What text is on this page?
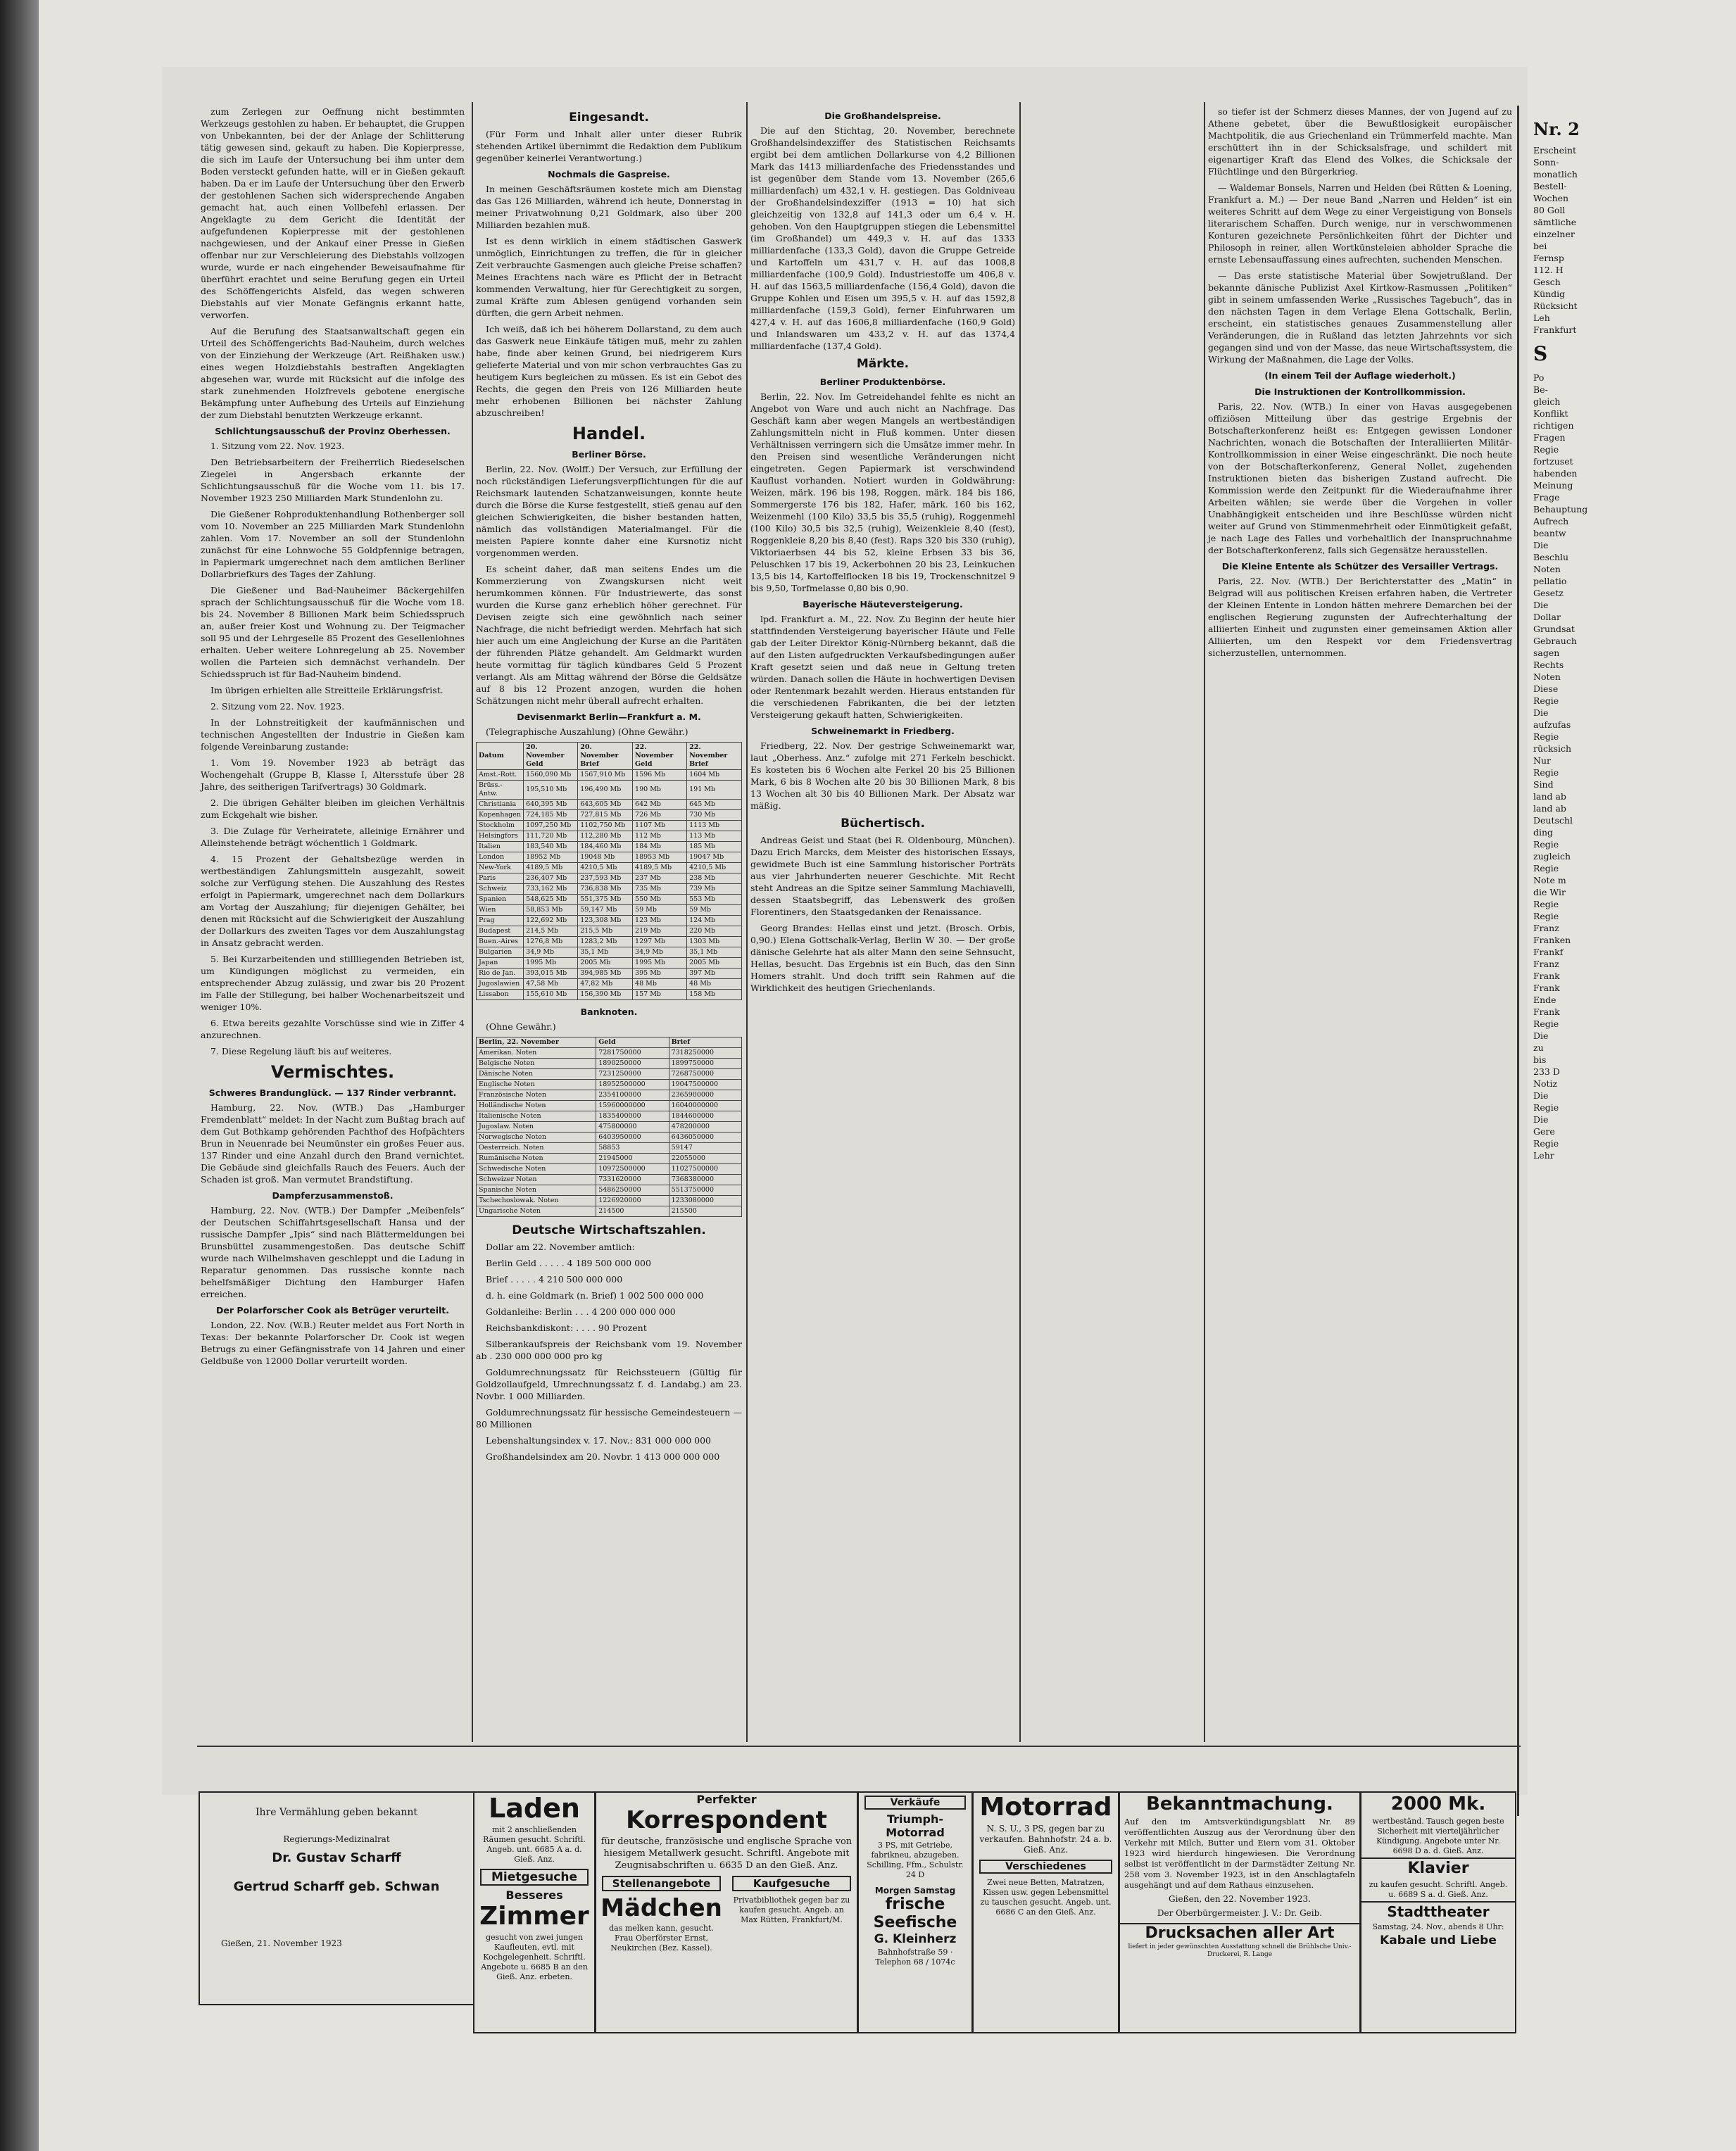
zum Zerlegen zur Oeffnung nicht bestimmten Werkzeugs gestohlen zu haben. Er behauptet, die Gruppen von Unbekannten, bei der der Anlage der Schlitterung tätig gewesen sind, gekauft zu haben. Die Kopierpresse, die sich im Laufe der Untersuchung bei ihm unter dem Boden versteckt gefunden hatte, will er in Gießen gekauft haben. Da er im Laufe der Untersuchung über den Erwerb der gestohlenen Sachen sich widersprechende Angaben gemacht hat, auch einen Vollbefehl erlassen. Der Angeklagte zu dem Gericht die Identität der aufgefundenen Kopierpresse mit der gestohlenen nachgewiesen, und der Ankauf einer Presse in Gießen offenbar nur zur Verschleierung des Diebstahls vollzogen wurde, wurde er nach eingehender Beweisaufnahme für überführt erachtet und seine Berufung gegen ein Urteil des Schöffengerichts Alsfeld, das wegen schweren Diebstahls auf vier Monate Gefängnis erkannt hatte, verworfen.
Auf die Berufung des Staatsanwaltschaft gegen ein Urteil des Schöffengerichts Bad-Nauheim, durch welches von der Einziehung der Werkzeuge (Art. Reißhaken usw.) eines wegen Holzdiebstahls bestraften Angeklagten abgesehen war, wurde mit Rücksicht auf die infolge des stark zunehmenden Holzfrevels gebotene energische Bekämpfung unter Aufhebung des Urteils auf Einziehung der zum Diebstahl benutzten Werkzeuge erkannt.
Schlichtungsausschuß der Provinz Oberhessen.
1. Sitzung vom 22. Nov. 1923.
Den Betriebsarbeitern der Freiherrlich Riedeselschen Ziegelei in Angersbach erkannte der Schlichtungsausschuß für die Woche vom 11. bis 17. November 1923 250 Milliarden Mark Stundenlohn zu.
Die Gießener Rohproduktenhandlung Rothenberger soll vom 10. November an 225 Milliarden Mark Stundenlohn zahlen. Vom 17. November an soll der Stundenlohn zunächst für eine Lohnwoche 55 Goldpfennige betragen, in Papiermark umgerechnet nach dem amtlichen Berliner Dollarbriefkurs des Tages der Zahlung.
Die Gießener und Bad-Nauheimer Bäckergehilfen sprach der Schlichtungsausschuß für die Woche vom 18. bis 24. November 8 Billionen Mark beim Schiedsspruch an, außer freier Kost und Wohnung zu. Der Teigmacher soll 95 und der Lehrgeselle 85 Prozent des Gesellenlohnes erhalten. Ueber weitere Lohnregelung ab 25. November wollen die Parteien sich demnächst verhandeln. Der Schiedsspruch ist für Bad-Nauheim bindend.
Im übrigen erhielten alle Streitteile Erklärungsfrist.
2. Sitzung vom 22. Nov. 1923.
In der Lohnstreitigkeit der kaufmännischen und technischen Angestellten der Industrie in Gießen kam folgende Vereinbarung zustande:
1. Vom 19. November 1923 ab beträgt das Wochengehalt (Gruppe B, Klasse I, Altersstufe über 28 Jahre, des seitherigen Tarifvertrags) 30 Goldmark.
2. Die übrigen Gehälter bleiben im gleichen Verhältnis zum Eckgehalt wie bisher.
3. Die Zulage für Verheiratete, alleinige Ernährer und Alleinstehende beträgt wöchentlich 1 Goldmark.
4. 15 Prozent der Gehaltsbezüge werden in wertbeständigen Zahlungsmitteln ausgezahlt, soweit solche zur Verfügung stehen. Die Auszahlung des Restes erfolgt in Papiermark, umgerechnet nach dem Dollarkurs am Vortag der Auszahlung; für diejenigen Gehälter, bei denen mit Rücksicht auf die Schwierigkeit der Auszahlung der Dollarkurs des zweiten Tages vor dem Auszahlungstag in Ansatz gebracht werden.
5. Bei Kurzarbeitenden und stillliegenden Betrieben ist, um Kündigungen möglichst zu vermeiden, ein entsprechender Abzug zulässig, und zwar bis 20 Prozent im Falle der Stillegung, bei halber Wochenarbeitszeit und weniger 10%.
6. Etwa bereits gezahlte Vorschüsse sind wie in Ziffer 4 anzurechnen.
7. Diese Regelung läuft bis auf weiteres.
Vermischtes.
Schweres Brandunglück. — 137 Rinder verbrannt.
Hamburg, 22. Nov. (WTB.) Das „Hamburger Fremdenblatt“ meldet: In der Nacht zum Bußtag brach auf dem Gut Bothkamp gehörenden Pachthof des Hofpächters Brun in Neuenrade bei Neumünster ein großes Feuer aus. 137 Rinder und eine Anzahl durch den Brand vernichtet. Die Gebäude sind gleichfalls Rauch des Feuers. Auch der Schaden ist groß. Man vermutet Brandstiftung.
Dampferzusammenstoß.
Hamburg, 22. Nov. (WTB.) Der Dampfer „Meibenfels“ der Deutschen Schiffahrtsgesellschaft Hansa und der russische Dampfer „Ipis“ sind nach Blättermeldungen bei Brunsbüttel zusammengestoßen. Das deutsche Schiff wurde nach Wilhelmshaven geschleppt und die Ladung in Reparatur genommen. Das russische konnte nach behelfsmäßiger Dichtung den Hamburger Hafen erreichen.
Der Polarforscher Cook als Betrüger verurteilt.
London, 22. Nov. (W.B.) Reuter meldet aus Fort North in Texas: Der bekannte Polarforscher Dr. Cook ist wegen Betrugs zu einer Gefängnisstrafe von 14 Jahren und einer Geldbuße von 12000 Dollar verurteilt worden.
Eingesandt.
(Für Form und Inhalt aller unter dieser Rubrik stehenden Artikel übernimmt die Redaktion dem Publikum gegenüber keinerlei Verantwortung.)
Nochmals die Gaspreise.
In meinen Geschäftsräumen kostete mich am Dienstag das Gas 126 Milliarden, während ich heute, Donnerstag in meiner Privatwohnung 0,21 Goldmark, also über 200 Milliarden bezahlen muß.
Ist es denn wirklich in einem städtischen Gaswerk unmöglich, Einrichtungen zu treffen, die für in gleicher Zeit verbrauchte Gasmengen auch gleiche Preise schaffen? Meines Erachtens nach wäre es Pflicht der in Betracht kommenden Verwaltung, hier für Gerechtigkeit zu sorgen, zumal Kräfte zum Ablesen genügend vorhanden sein dürften, die gern Arbeit nehmen.
Ich weiß, daß ich bei höherem Dollarstand, zu dem auch das Gaswerk neue Einkäufe tätigen muß, mehr zu zahlen habe, finde aber keinen Grund, bei niedrigerem Kurs gelieferte Material und von mir schon verbrauchtes Gas zu heutigem Kurs begleichen zu müssen. Es ist ein Gebot des Rechts, die gegen den Preis von 126 Milliarden heute mehr erhobenen Billionen bei nächster Zahlung abzuschreiben!
Handel.
Berliner Börse.
Berlin, 22. Nov. (Wolff.) Der Versuch, zur Erfüllung der noch rückständigen Lieferungsverpflichtungen für die auf Reichsmark lautenden Schatzanweisungen, konnte heute durch die Börse die Kurse festgestellt, stieß genau auf den gleichen Schwierigkeiten, die bisher bestanden hatten, nämlich das vollständigen Materialmangel. Für die meisten Papiere konnte daher eine Kursnotiz nicht vorgenommen werden.
Es scheint daher, daß man seitens Endes um die Kommerzierung von Zwangskursen nicht weit herumkommen können. Für Industriewerte, das sonst wurden die Kurse ganz erheblich höher gerechnet. Für Devisen zeigte sich eine gewöhnlich nach seiner Nachfrage, die nicht befriedigt werden. Mehrfach hat sich hier auch um eine Angleichung der Kurse an die Paritäten der führenden Plätze gehandelt. Am Geldmarkt wurden heute vormittag für täglich kündbares Geld 5 Prozent verlangt. Als am Mittag während der Börse die Geldsätze auf 8 bis 12 Prozent anzogen, wurden die hohen Schätzungen nicht mehr überall aufrecht erhalten.
Devisenmarkt Berlin—Frankfurt a. M.
(Telegraphische Auszahlung) (Ohne Gewähr.)
Datum	20. November Geld	20. November Brief	22. November Geld	22. November Brief
Amst.-Rott.	1560,090 Mb	1567,910 Mb	1596 Mb	1604 Mb
Brüss.-Antw.	195,510 Mb	196,490 Mb	190 Mb	191 Mb
Christiania	640,395 Mb	643,605 Mb	642 Mb	645 Mb
Kopenhagen	724,185 Mb	727,815 Mb	726 Mb	730 Mb
Stockholm	1097,250 Mb	1102,750 Mb	1107 Mb	1113 Mb
Helsingfors	111,720 Mb	112,280 Mb	112 Mb	113 Mb
Italien	183,540 Mb	184,460 Mb	184 Mb	185 Mb
London	18952 Mb	19048 Mb	18953 Mb	19047 Mb
New-York	4189,5 Mb	4210,5 Mb	4189,5 Mb	4210,5 Mb
Paris	236,407 Mb	237,593 Mb	237 Mb	238 Mb
Schweiz	733,162 Mb	736,838 Mb	735 Mb	739 Mb
Spanien	548,625 Mb	551,375 Mb	550 Mb	553 Mb
Wien	58,853 Mb	59,147 Mb	59 Mb	59 Mb
Prag	122,692 Mb	123,308 Mb	123 Mb	124 Mb
Budapest	214,5 Mb	215,5 Mb	219 Mb	220 Mb
Buen.-Aires	1276,8 Mb	1283,2 Mb	1297 Mb	1303 Mb
Bulgarien	34,9 Mb	35,1 Mb	34,9 Mb	35,1 Mb
Japan	1995 Mb	2005 Mb	1995 Mb	2005 Mb
Rio de Jan.	393,015 Mb	394,985 Mb	395 Mb	397 Mb
Jugoslawien	47,58 Mb	47,82 Mb	48 Mb	48 Mb
Lissabon	155,610 Mb	156,390 Mb	157 Mb	158 Mb
Banknoten.
(Ohne Gewähr.)
Berlin, 22. November	Geld	Brief
Amerikan. Noten	7281750000	7318250000
Belgische Noten	1890250000	1899750000
Dänische Noten	7231250000	7268750000
Englische Noten	18952500000	19047500000
Französische Noten	2354100000	2365900000
Holländische Noten	15960000000	16040000000
Italienische Noten	1835400000	1844600000
Jugoslaw. Noten	475800000	478200000
Norwegische Noten	6403950000	6436050000
Oesterreich. Noten	58853	59147
Rumänische Noten	21945000	22055000
Schwedische Noten	10972500000	11027500000
Schweizer Noten	7331620000	7368380000
Spanische Noten	5486250000	5513750000
Tschechoslowak. Noten	1226920000	1233080000
Ungarische Noten	214500	215500
Deutsche Wirtschaftszahlen.
Dollar am 22. November amtlich:
Berlin Geld . . . . . 4 189 500 000 000
Brief . . . . . 4 210 500 000 000
d. h. eine Goldmark (n. Brief) 1 002 500 000 000
Goldanleihe: Berlin . . . 4 200 000 000 000
Reichsbankdiskont: . . . . 90 Prozent
Silberankaufspreis der Reichsbank vom 19. November ab . 230 000 000 000 pro kg
Goldumrechnungssatz für Reichssteuern (Gültig für Goldzollaufgeld, Umrechnungssatz f. d. Landabg.) am 23. Novbr. 1 000 Milliarden.
Goldumrechnungssatz für hessische Gemeindesteuern — 80 Millionen
Lebenshaltungsindex v. 17. Nov.: 831 000 000 000
Großhandelsindex am 20. Novbr. 1 413 000 000 000
Die Großhandelspreise.
Die auf den Stichtag, 20. November, berechnete Großhandelsindexziffer des Statistischen Reichsamts ergibt bei dem amtlichen Dollarkurse von 4,2 Billionen Mark das 1413 milliardenfache des Friedensstandes und ist gegenüber dem Stande vom 13. November (265,6 milliardenfach) um 432,1 v. H. gestiegen. Das Goldniveau der Großhandelsindexziffer (1913 = 10) hat sich gleichzeitig von 132,8 auf 141,3 oder um 6,4 v. H. gehoben. Von den Hauptgruppen stiegen die Lebensmittel (im Großhandel) um 449,3 v. H. auf das 1333 milliardenfache (133,3 Gold), davon die Gruppe Getreide und Kartoffeln um 431,7 v. H. auf das 1008,8 milliardenfache (100,9 Gold). Industriestoffe um 406,8 v. H. auf das 1563,5 milliardenfache (156,4 Gold), davon die Gruppe Kohlen und Eisen um 395,5 v. H. auf das 1592,8 milliardenfache (159,3 Gold), ferner Einfuhrwaren um 427,4 v. H. auf das 1606,8 milliardenfache (160,9 Gold) und Inlandswaren um 433,2 v. H. auf das 1374,4 milliardenfache (137,4 Gold).
Märkte.
Berliner Produktenbörse.
Berlin, 22. Nov. Im Getreidehandel fehlte es nicht an Angebot von Ware und auch nicht an Nachfrage. Das Geschäft kann aber wegen Mangels an wertbeständigen Zahlungsmitteln nicht in Fluß kommen. Unter diesen Verhältnissen verringern sich die Umsätze immer mehr. In den Preisen sind wesentliche Veränderungen nicht eingetreten. Gegen Papiermark ist verschwindend Kauflust vorhanden. Notiert wurden in Goldwährung: Weizen, märk. 196 bis 198, Roggen, märk. 184 bis 186, Sommergerste 176 bis 182, Hafer, märk. 160 bis 162, Weizenmehl (100 Kilo) 33,5 bis 35,5 (ruhig), Roggenmehl (100 Kilo) 30,5 bis 32,5 (ruhig), Weizenkleie 8,40 (fest), Roggenkleie 8,20 bis 8,40 (fest). Raps 320 bis 330 (ruhig), Viktoriaerbsen 44 bis 52, kleine Erbsen 33 bis 36, Peluschken 17 bis 19, Ackerbohnen 20 bis 23, Leinkuchen 13,5 bis 14, Kartoffelflocken 18 bis 19, Trockenschnitzel 9 bis 9,50, Torfmelasse 0,80 bis 0,90.
Bayerische Häuteversteigerung.
lpd. Frankfurt a. M., 22. Nov. Zu Beginn der heute hier stattfindenden Versteigerung bayerischer Häute und Felle gab der Leiter Direktor König-Nürnberg bekannt, daß die auf den Listen aufgedruckten Verkaufsbedingungen außer Kraft gesetzt seien und daß neue in Geltung treten würden. Danach sollen die Häute in hochwertigen Devisen oder Rentenmark bezahlt werden. Hieraus entstanden für die verschiedenen Fabrikanten, die bei der letzten Versteigerung gekauft hatten, Schwierigkeiten.
Schweinemarkt in Friedberg.
Friedberg, 22. Nov. Der gestrige Schweinemarkt war, laut „Oberhess. Anz.“ zufolge mit 271 Ferkeln beschickt. Es kosteten bis 6 Wochen alte Ferkel 20 bis 25 Billionen Mark, 6 bis 8 Wochen alte 20 bis 30 Billionen Mark, 8 bis 13 Wochen alt 30 bis 40 Billionen Mark. Der Absatz war mäßig.
Büchertisch.
Andreas Geist und Staat (bei R. Oldenbourg, München). Dazu Erich Marcks, dem Meister des historischen Essays, gewidmete Buch ist eine Sammlung historischer Porträts aus vier Jahrhunderten neuerer Geschichte. Mit Recht steht Andreas an die Spitze seiner Sammlung Machiavelli, dessen Staatsbegriff, das Lebenswerk des großen Florentiners, den Staatsgedanken der Renaissance.
Georg Brandes: Hellas einst und jetzt. (Brosch. Orbis, 0,90.) Elena Gottschalk-Verlag, Berlin W 30. — Der große dänische Gelehrte hat als alter Mann den seine Sehnsucht, Hellas, besucht. Das Ergebnis ist ein Buch, das den Sinn Homers strahlt. Und doch trifft sein Rahmen auf die Wirklichkeit des heutigen Griechenlands.
so tiefer ist der Schmerz dieses Mannes, der von Jugend auf zu Athene gebetet, über die Bewußtlosigkeit europäischer Machtpolitik, die aus Griechenland ein Trümmerfeld machte. Man erschüttert ihn in der Schicksalsfrage, und schildert mit eigenartiger Kraft das Elend des Volkes, die Schicksale der Flüchtlinge und den Bürgerkrieg.
— Waldemar Bonsels, Narren und Helden (bei Rütten & Loening, Frankfurt a. M.) — Der neue Band „Narren und Helden“ ist ein weiteres Schritt auf dem Wege zu einer Vergeistigung von Bonsels literarischem Schaffen. Durch wenige, nur in verschwommenen Konturen gezeichnete Persönlichkeiten führt der Dichter und Philosoph in reiner, allen Wortkünsteleien abholder Sprache die ernste Lebensauffassung eines aufrechten, suchenden Menschen.
— Das erste statistische Material über Sowjetrußland. Der bekannte dänische Publizist Axel Kirtkow-Rasmussen „Politiken“ gibt in seinem umfassenden Werke „Russisches Tagebuch“, das in den nächsten Tagen in dem Verlage Elena Gottschalk, Berlin, erscheint, ein statistisches genaues Zusammenstellung aller Veränderungen, die in Rußland das letzten Jahrzehnts vor sich gegangen sind und von der Masse, das neue Wirtschaftssystem, die Wirkung der Maßnahmen, die Lage der Volks.
(In einem Teil der Auflage wiederholt.)
Die Instruktionen der Kontrollkommission.
Paris, 22. Nov. (WTB.) In einer von Havas ausgegebenen offiziösen Mitteilung über das gestrige Ergebnis der Botschafterkonferenz heißt es: Entgegen gewissen Londoner Nachrichten, wonach die Botschaften der Interalliierten Militär-Kontrollkommission in einer Weise eingeschränkt. Die noch heute von der Botschafterkonferenz, General Nollet, zugehenden Instruktionen bieten das bisherigen Zustand aufrecht. Die Kommission werde den Zeitpunkt für die Wiederaufnahme ihrer Arbeiten wählen; sie werde über die Vorgehen in voller Unabhängigkeit entscheiden und ihre Beschlüsse würden nicht weiter auf Grund von Stimmenmehrheit oder Einmütigkeit gefaßt, je nach Lage des Falles und vorbehaltlich der Inanspruchnahme der Botschafterkonferenz, falls sich Gegensätze herausstellen.
Die Kleine Entente als Schützer des Versailler Vertrags.
Paris, 22. Nov. (WTB.) Der Berichterstatter des „Matin“ in Belgrad will aus politischen Kreisen erfahren haben, die Vertreter der Kleinen Entente in London hätten mehrere Demarchen bei der englischen Regierung zugunsten der Aufrechterhaltung der alliierten Einheit und zugunsten einer gemeinsamen Aktion aller Alliierten, um den Respekt vor dem Friedensvertrag sicherzustellen, unternommen.
Ihre Vermählung geben bekannt
Regierungs-Medizinalrat
Dr. Gustav Scharff
Gertrud Scharff geb. Schwan
Gießen, 21. November 1923
Laden
mit 2 anschließenden Räumen gesucht. Schriftl. Angeb. unt. 6685 A a. d. Gieß. Anz.
Mietgesuche
Besseres
Zimmer
gesucht von zwei jungen Kaufleuten, evtl. mit Kochgelegenheit. Schriftl. Angebote u. 6685 B an den Gieß. Anz. erbeten.
Perfekter
Korrespondent
für deutsche, französische und englische Sprache von hiesigem Metallwerk gesucht. Schriftl. Angebote mit Zeugnisabschriften u. 6635 D an den Gieß. Anz.
Stellenangebote
Mädchen
das melken kann, gesucht. Frau Oberförster Ernst, Neukirchen (Bez. Kassel).
Kaufgesuche
Privatbibliothek gegen bar zu kaufen gesucht. Angeb. an Max Rütten, Frankfurt/M.
Verkäufe
Triumph-Motorrad
3 PS, mit Getriebe, fabrikneu, abzugeben. Schilling, Ffm., Schulstr. 24 D
Morgen Samstag
frische Seefische
G. Kleinherz
Bahnhofstraße 59 · Telephon 68 / 1074c
Motorrad
N. S. U., 3 PS, gegen bar zu verkaufen. Bahnhofstr. 24 a. b. Gieß. Anz.
Verschiedenes
Zwei neue Betten, Matratzen, Kissen usw. gegen Lebensmittel zu tauschen gesucht. Angeb. unt. 6686 C an den Gieß. Anz.
Bekanntmachung.
Auf den im Amtsverkündigungsblatt Nr. 89 veröffentlichten Auszug aus der Verordnung über den Verkehr mit Milch, Butter und Eiern vom 31. Oktober 1923 wird hierdurch hingewiesen. Die Verordnung selbst ist veröffentlicht in der Darmstädter Zeitung Nr. 258 vom 3. November 1923, ist in den Anschlagtafeln ausgehängt und auf dem Rathaus einzusehen.
Gießen, den 22. November 1923.
Der Oberbürgermeister. J. V.: Dr. Geib.
Drucksachen aller Art
liefert in jeder gewünschten Ausstattung schnell die Brühlsche Univ.-Druckerei, R. Lange
2000 Mk.
wertbeständ. Tausch gegen beste Sicherheit mit vierteljährlicher Kündigung. Angebote unter Nr. 6698 D a. d. Gieß. Anz.
Klavier
zu kaufen gesucht. Schriftl. Angeb. u. 6689 S a. d. Gieß. Anz.
Stadttheater
Samstag, 24. Nov., abends 8 Uhr:
Kabale und Liebe
Nr. 2
Erscheint
Sonn-
monatlich
Bestell-
Wochen
80 Goll
sämtliche
einzelner
bei
Fernsp
112. H
Gesch
Kündig
Rücksicht
Leh
Frankfurt
S
Po
Be-
gleich
Konflikt
richtigen
Fragen
Regie
fortzuset
habenden
Meinung
Frage
Behauptung
Aufrech
beantw
Die
Beschlu
Noten
pellatio
Gesetz
Die
Dollar
Grundsat
Gebrauch
sagen
Rechts
Noten
Diese
Regie
Die
aufzufas
Regie
rücksich
Nur
Regie
Sind
land ab
land ab
Deutschl
ding
Regie
zugleich
Regie
Note m
die Wir
Regie
Regie
Franz
Franken
Frankf
Franz
Frank
Frank
Ende
Frank
Regie
Die
zu
bis
233 D
Notiz
Die
Regie
Die
Gere
Regie
Lehr
